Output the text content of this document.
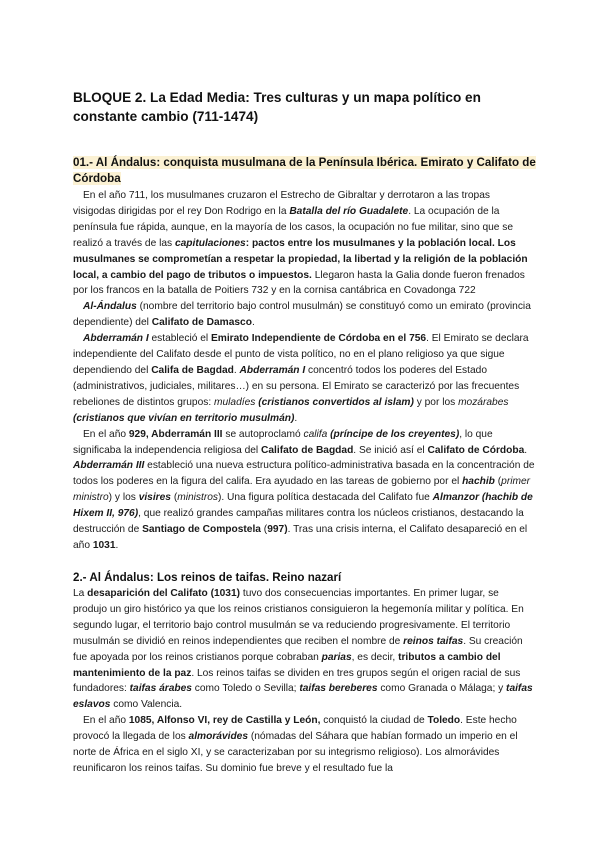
BLOQUE 2. La Edad Media: Tres culturas y un mapa político en constante cambio (711-1474)
01.- Al Ándalus: conquista musulmana de la Península Ibérica. Emirato y Califato de Córdoba
En el año 711, los musulmanes cruzaron el Estrecho de Gibraltar y derrotaron a las tropas visigodas dirigidas por el rey Don Rodrigo en la Batalla del río Guadalete. La ocupación de la península fue rápida, aunque, en la mayoría de los casos, la ocupación no fue militar, sino que se realizó a través de las capitulaciones: pactos entre los musulmanes y la población local. Los musulmanes se comprometían a respetar la propiedad, la libertad y la religión de la población local, a cambio del pago de tributos o impuestos. Llegaron hasta la Galia donde fueron frenados por los francos en la batalla de Poitiers 732 y en la cornisa cantábrica en Covadonga 722
Al-Ándalus (nombre del territorio bajo control musulmán) se constituyó como un emirato (provincia dependiente) del Califato de Damasco.
Abderramán I estableció el Emirato Independiente de Córdoba en el 756. El Emirato se declara independiente del Califato desde el punto de vista político, no en el plano religioso ya que sigue dependiendo del Califa de Bagdad. Abderramán I concentró todos los poderes del Estado (administrativos, judiciales, militares…) en su persona. El Emirato se caracterizó por las frecuentes rebeliones de distintos grupos: muladíes (cristianos convertidos al islam) y por los mozárabes (cristianos que vivían en territorio musulmán).
En el año 929, Abderramán III se autoproclamó califa (príncipe de los creyentes), lo que significaba la independencia religiosa del Califato de Bagdad. Se inició así el Califato de Córdoba. Abderramán III estableció una nueva estructura político-administrativa basada en la concentración de todos los poderes en la figura del califa. Era ayudado en las tareas de gobierno por el hachib (primer ministro) y los visires (ministros). Una figura política destacada del Califato fue Almanzor (hachib de Hixem II, 976), que realizó grandes campañas militares contra los núcleos cristianos, destacando la destrucción de Santiago de Compostela (997). Tras una crisis interna, el Califato desapareció en el año 1031.
2.- Al Ándalus: Los reinos de taifas. Reino nazarí
La desaparición del Califato (1031) tuvo dos consecuencias importantes. En primer lugar, se produjo un giro histórico ya que los reinos cristianos consiguieron la hegemonía militar y política. En segundo lugar, el territorio bajo control musulmán se va reduciendo progresivamente. El territorio musulmán se dividió en reinos independientes que reciben el nombre de reinos taifas. Su creación fue apoyada por los reinos cristianos porque cobraban parias, es decir, tributos a cambio del mantenimiento de la paz. Los reinos taifas se dividen en tres grupos según el origen racial de sus fundadores: taifas árabes como Toledo o Sevilla; taifas bereberes como Granada o Málaga; y taifas eslavos como Valencia.
En el año 1085, Alfonso VI, rey de Castilla y León, conquistó la ciudad de Toledo. Este hecho provocó la llegada de los almorávides (nómadas del Sáhara que habían formado un imperio en el norte de África en el siglo XI, y se caracterizaban por su integrismo religioso). Los almorávides reunificaron los reinos taifas. Su dominio fue breve y el resultado fue la
